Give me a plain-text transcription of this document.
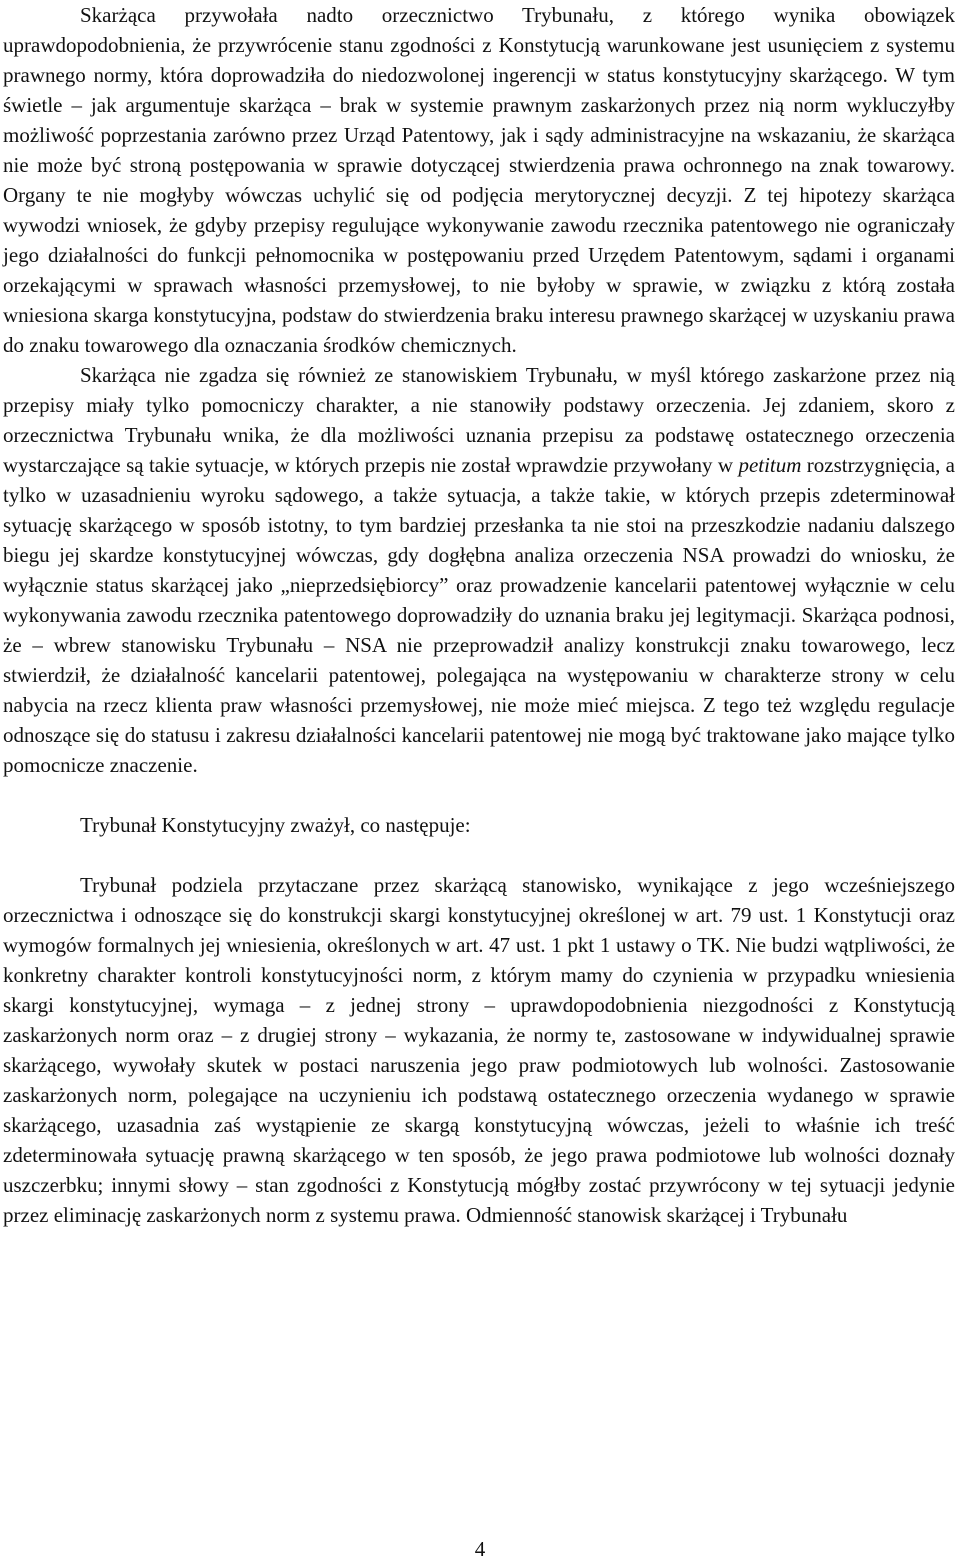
Skarżąca przywołała nadto orzecznictwo Trybunału, z którego wynika obowiązek uprawdopodobnienia, że przywrócenie stanu zgodności z Konstytucją warunkowane jest usunięciem z systemu prawnego normy, która doprowadziła do niedozwolonej ingerencji w status konstytucyjny skarżącego. W tym świetle – jak argumentuje skarżąca – brak w systemie prawnym zaskarżonych przez nią norm wykluczyłby możliwość poprzestania zarówno przez Urząd Patentowy, jak i sądy administracyjne na wskazaniu, że skarżąca nie może być stroną postępowania w sprawie dotyczącej stwierdzenia prawa ochronnego na znak towarowy. Organy te nie mogłyby wówczas uchylić się od podjęcia merytorycznej decyzji. Z tej hipotezy skarżąca wywodzi wniosek, że gdyby przepisy regulujące wykonywanie zawodu rzecznika patentowego nie ograniczały jego działalności do funkcji pełnomocnika w postępowaniu przed Urzędem Patentowym, sądami i organami orzekającymi w sprawach własności przemysłowej, to nie byłoby w sprawie, w związku z którą została wniesiona skarga konstytucyjna, podstaw do stwierdzenia braku interesu prawnego skarżącej w uzyskaniu prawa do znaku towarowego dla oznaczania środków chemicznych.

Skarżąca nie zgadza się również ze stanowiskiem Trybunału, w myśl którego zaskarżone przez nią przepisy miały tylko pomocniczy charakter, a nie stanowiły podstawy orzeczenia. Jej zdaniem, skoro z orzecznictwa Trybunału wnika, że dla możliwości uznania przepisu za podstawę ostatecznego orzeczenia wystarczające są takie sytuacje, w których przepis nie został wprawdzie przywołany w petitum rozstrzygnięcia, a tylko w uzasadnieniu wyroku sądowego, a także sytuacja, a także takie, w których przepis zdeterminował sytuację skarżącego w sposób istotny, to tym bardziej przesłanka ta nie stoi na przeszkodzie nadaniu dalszego biegu jej skardze konstytucyjnej wówczas, gdy dogłębna analiza orzeczenia NSA prowadzi do wniosku, że wyłącznie status skarżącej jako „nieprzedsiębiorcy” oraz prowadzenie kancelarii patentowej wyłącznie w celu wykonywania zawodu rzecznika patentowego doprowadziły do uznania braku jej legitymacji. Skarżąca podnosi, że – wbrew stanowisku Trybunału – NSA nie przeprowadził analizy konstrukcji znaku towarowego, lecz stwierdził, że działalność kancelarii patentowej, polegająca na występowaniu w charakterze strony w celu nabycia na rzecz klienta praw własności przemysłowej, nie może mieć miejsca. Z tego też względu regulacje odnoszące się do statusu i zakresu działalności kancelarii patentowej nie mogą być traktowane jako mające tylko pomocnicze znaczenie.

Trybunał Konstytucyjny zważył, co następuje:

Trybunał podziela przytaczane przez skarżącą stanowisko, wynikające z jego wcześniejszego orzecznictwa i odnoszące się do konstrukcji skargi konstytucyjnej określonej w art. 79 ust. 1 Konstytucji oraz wymogów formalnych jej wniesienia, określonych w art. 47 ust. 1 pkt 1 ustawy o TK. Nie budzi wątpliwości, że konkretny charakter kontroli konstytucyjności norm, z którym mamy do czynienia w przypadku wniesienia skargi konstytucyjnej, wymaga – z jednej strony – uprawdopodobnienia niezgodności z Konstytucją zaskarżonych norm oraz – z drugiej strony – wykazania, że normy te, zastosowane w indywidualnej sprawie skarżącego, wywołały skutek w postaci naruszenia jego praw podmiotowych lub wolności. Zastosowanie zaskarżonych norm, polegające na uczynieniu ich podstawą ostatecznego orzeczenia wydanego w sprawie skarżącego, uzasadnia zaś wystąpienie ze skargą konstytucyjną wówczas, jeżeli to właśnie ich treść zdeterminowała sytuację prawną skarżącego w ten sposób, że jego prawa podmiotowe lub wolności doznały uszczerbku; innymi słowy – stan zgodności z Konstytucją mógłby zostać przywrócony w tej sytuacji jedynie przez eliminację zaskarżonych norm z systemu prawa. Odmienność stanowisk skarżącej i Trybunału

4
